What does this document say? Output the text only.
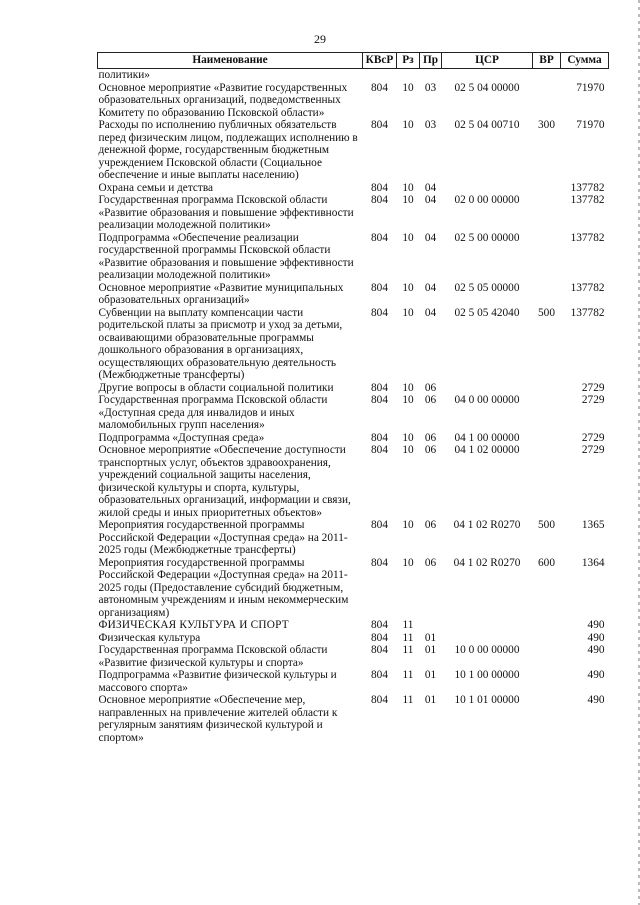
29
Наименование	КВсР	Рз	Пр	ЦСР	ВР	Сумма
политики»						
Основное мероприятие «Развитие государственных образовательных организаций, подведомственных Комитету по образованию Псковской области»	804	10	03	02 5 04 00000		71970
Расходы по исполнению публичных обязательств перед физическим лицом, подлежащих исполнению в денежной форме, государственным бюджетным учреждением Псковской области (Социальное обеспечение и иные выплаты населению)	804	10	03	02 5 04 00710	300	71970
Охрана семьи и детства	804	10	04			137782
Государственная программа Псковской области «Развитие образования и повышение эффективности реализации молодежной политики»	804	10	04	02 0 00 00000		137782
Подпрограмма «Обеспечение реализации государственной программы Псковской области «Развитие образования и повышение эффективности реализации молодежной политики»	804	10	04	02 5 00 00000		137782
Основное мероприятие «Развитие муниципальных образовательных организаций»	804	10	04	02 5 05 00000		137782
Субвенции на выплату компенсации части родительской платы за присмотр и уход за детьми, осваивающими образовательные программы дошкольного образования в организациях, осуществляющих образовательную деятельность (Межбюджетные трансферты)	804	10	04	02 5 05 42040	500	137782
Другие вопросы в области социальной политики	804	10	06			2729
Государственная программа Псковской области «Доступная среда для инвалидов и иных маломобильных групп населения»	804	10	06	04 0 00 00000		2729
Подпрограмма «Доступная среда»	804	10	06	04 1 00 00000		2729
Основное мероприятие «Обеспечение доступности транспортных услуг, объектов здравоохранения, учреждений социальной защиты населения, физической культуры и спорта, культуры, образовательных организаций, информации и связи, жилой среды и иных приоритетных объектов»	804	10	06	04 1 02 00000		2729
Мероприятия государственной программы Российской Федерации «Доступная среда» на 2011-2025 годы (Межбюджетные трансферты)	804	10	06	04 1 02 R0270	500	1365
Мероприятия государственной программы Российской Федерации «Доступная среда» на 2011-2025 годы (Предоставление субсидий бюджетным, автономным учреждениям и иным некоммерческим организациям)	804	10	06	04 1 02 R0270	600	1364
ФИЗИЧЕСКАЯ КУЛЬТУРА И СПОРТ	804	11				490
Физическая культура	804	11	01			490
Государственная программа Псковской области «Развитие физической культуры и спорта»	804	11	01	10 0 00 00000		490
Подпрограмма «Развитие физической культуры и массового спорта»	804	11	01	10 1 00 00000		490
Основное мероприятие «Обеспечение мер, направленных на привлечение жителей области к регулярным занятиям физической культурой и спортом»	804	11	01	10 1 01 00000		490
